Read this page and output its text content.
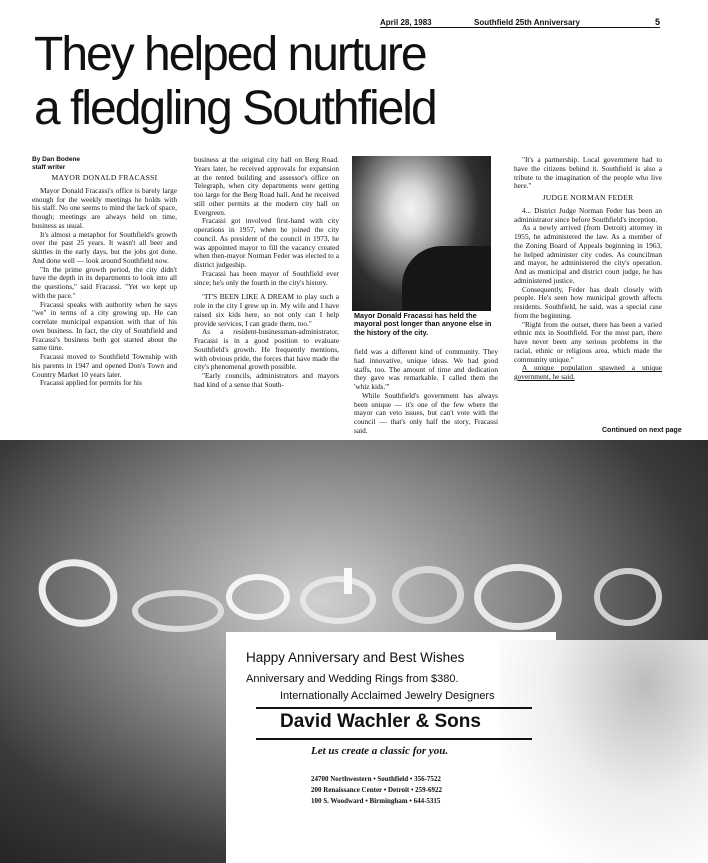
April 28, 1983	Southfield 25th Anniversary	5
They helped nurture
a fledgling Southfield
By Dan Bodene
staff writer

MAYOR DONALD FRACASSI

Mayor Donald Fracassi's office is barely large enough for the weekly meetings he holds with his staff. No one seems to mind the lack of space, though; meetings are always held on time, business as usual.

It's almost a metaphor for Southfield's growth over the past 25 years. It wasn't all beer and skittles in the early days, but the jobs got done. And done well — look around Southfield now.

"In the prime growth period, the city didn't have the depth in its departments to look into all the questions," said Fracassi. "Yet we kept up with the pace."

Fracassi speaks with authority when he says "we" in terms of a city growing up. He can correlate municipal expansion with that of his own business. In fact, the city of Southfield and Fracassi's business both got started about the same time.

Fracassi moved to Southfield Township with his parents in 1947 and opened Don's Town and Country Market 10 years later.

Fracassi applied for permits for his

business at the original city hall on Berg Road. Years later, he received approvals for expansion at the rented building and assessor's office on Telegraph, when city departments were getting too large for the Berg Road hall. And he received still other permits at the modern city hall on Evergreen.

Fracassi got involved first-hand with city operations in 1957, when he joined the city council. As president of the council in 1973, he was appointed mayor to fill the vacancy created when then-mayor Norman Feder was elected to a district judgeship.

Fracassi has been mayor of Southfield ever since; he's only the fourth in the city's history.

"IT'S BEEN LIKE A DREAM to play such a role in the city I grew up in. My wife and I have raised six kids here, so not only can I help provide services, I can grade them, too."

As a resident-businessman-administrator, Fracassi is in a good position to evaluate Southfield's growth. He frequently mentions, with obvious pride, the forces that have made the city's phenomenal growth possible.

"Early councils, administrators and mayors had kind of a sense that South-

Mayor Donald Fracassi has held the mayoral post longer than anyone else in the history of the city.

field was a different kind of community. They had innovative, unique ideas. We had good staffs, too. The amount of time and dedication they gave was remarkable. I called them the 'whiz kids.'"

While Southfield's government has always been unique — it's one of the few where the mayor can veto issues, but can't vote with the council — that's only half the story, Fracassi said.

"It's a partnership. Local government had to have the citizens behind it. Southfield is also a tribute to the imagination of the people who live here."

JUDGE NORMAN FEDER

4... District Judge Norman Feder has been an administrator since before Southfield's inception.

As a newly arrived (from Detroit) attorney in 1955, he administered the law. As a member of the Zoning Board of Appeals beginning in 1963, he helped administer city codes. As councilman and mayor, he administered the city's operation. And as municipal and district court judge, he has administered justice.

Consequently, Feder has dealt closely with people. He's seen how municipal growth affects residents. Southfield, he said, was a special case from the beginning.

"Right from the outset, there has been a varied ethnic mix in Southfield. For the most part, there have never been any serious problems in the racial, ethnic or religious area, which made the community unique."

A unique population spawned a unique government, he said.

Continued on next page
Happy Anniversary and Best Wishes
Anniversary and Wedding Rings from $380.
Internationally Acclaimed Jewelry Designers
David Wachler & Sons
Let us create a classic for you.
24700 Northwestern • Southfield • 356-7522
200 Renaissance Center • Detroit • 259-6922
100 S. Woodward • Birmingham • 644-5315
